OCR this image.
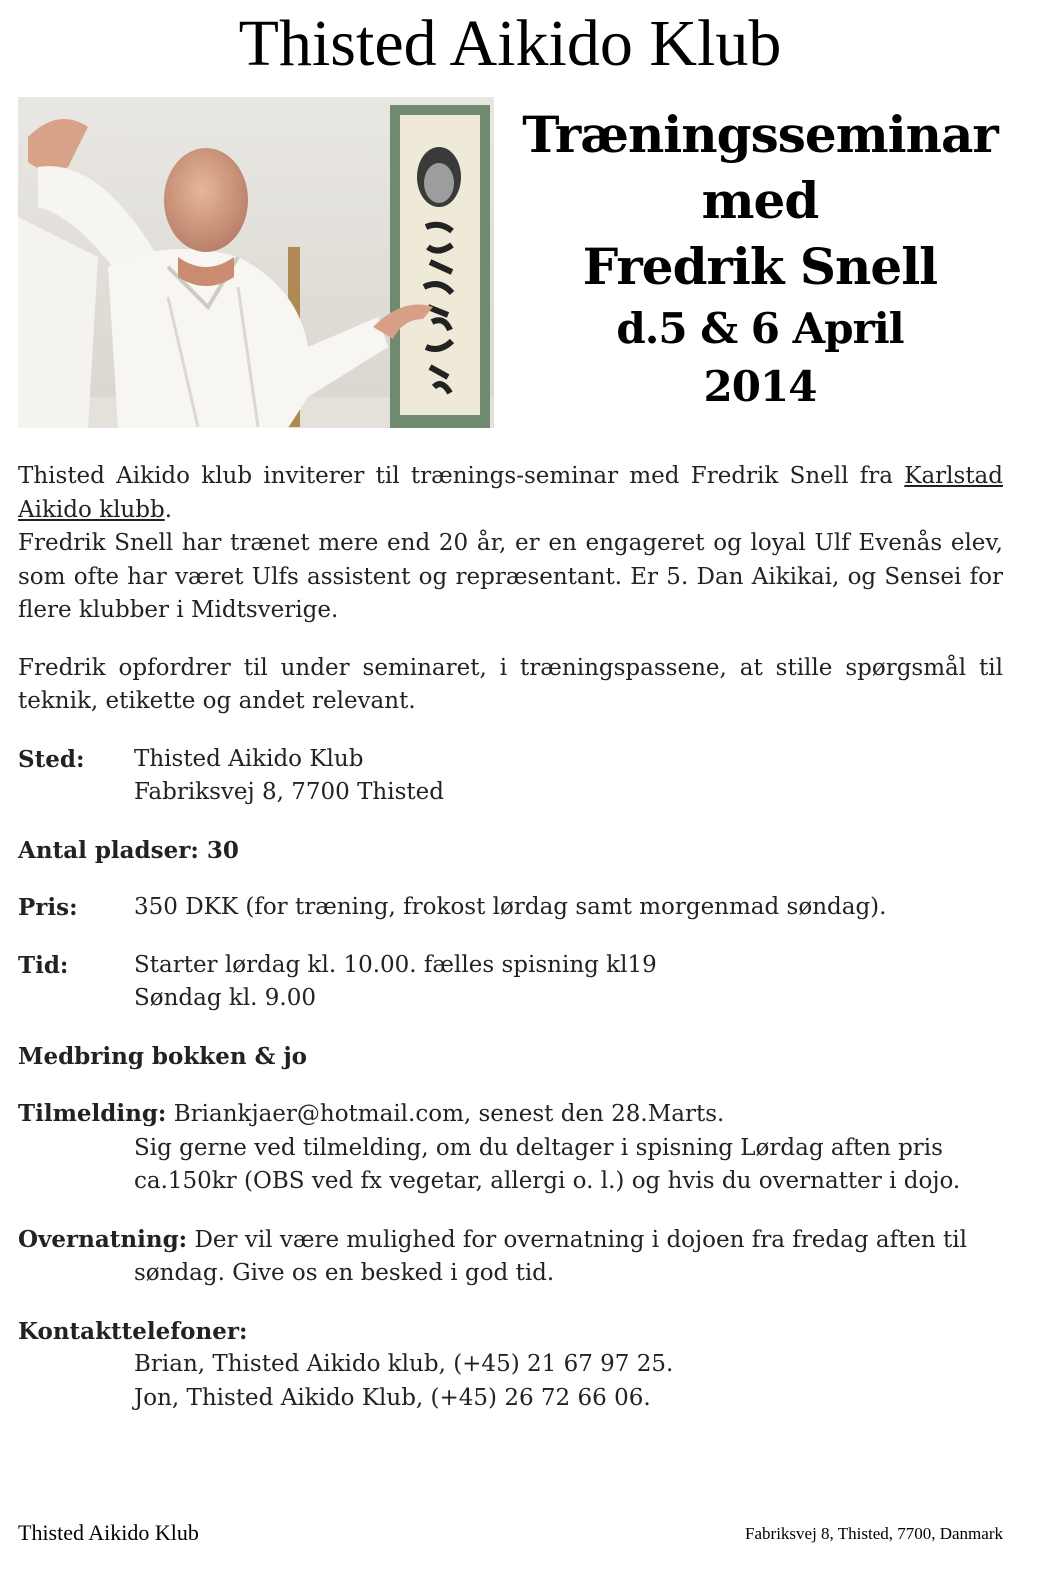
Thisted Aikido Klub
Træningsseminar
med
Fredrik Snell
d.5 & 6 April
2014

Thisted Aikido klub inviterer til trænings-seminar med Fredrik Snell fra Karlstad Aikido klubb.

Fredrik Snell har trænet mere end 20 år, er en engageret og loyal Ulf Evenås elev, som ofte har været Ulfs assistent og repræsentant. Er 5. Dan Aikikai, og Sensei for flere klubber i Midtsverige.

Fredrik opfordrer til under seminaret, i træningspassene, at stille spørgsmål til teknik, etikette og andet relevant.

Sted:	Thisted Aikido Klub
Fabriksvej 8, 7700 Thisted
Antal pladser: 30
Pris:	350 DKK (for træning, frokost lørdag samt morgenmad søndag).
Tid:	Starter lørdag kl. 10.00. fælles spisning kl19
Søndag kl. 9.00
Medbring bokken & jo
Tilmelding: Briankjaer@hotmail.com, senest den 28.Marts.
Sig gerne ved tilmelding, om du deltager i spisning Lørdag aften pris
ca.150kr (OBS ved fx vegetar, allergi o. l.) og hvis du overnatter i dojo.
Overnatning: Der vil være mulighed for overnatning i dojoen fra fredag aften til
søndag. Give os en besked i god tid.
Kontakttelefoner:
Brian, Thisted Aikido klub, (+45) 21 67 97 25.
Jon, Thisted Aikido Klub, (+45) 26 72 66 06.
Thisted Aikido Klub	Fabriksvej 8, Thisted, 7700, Danmark
